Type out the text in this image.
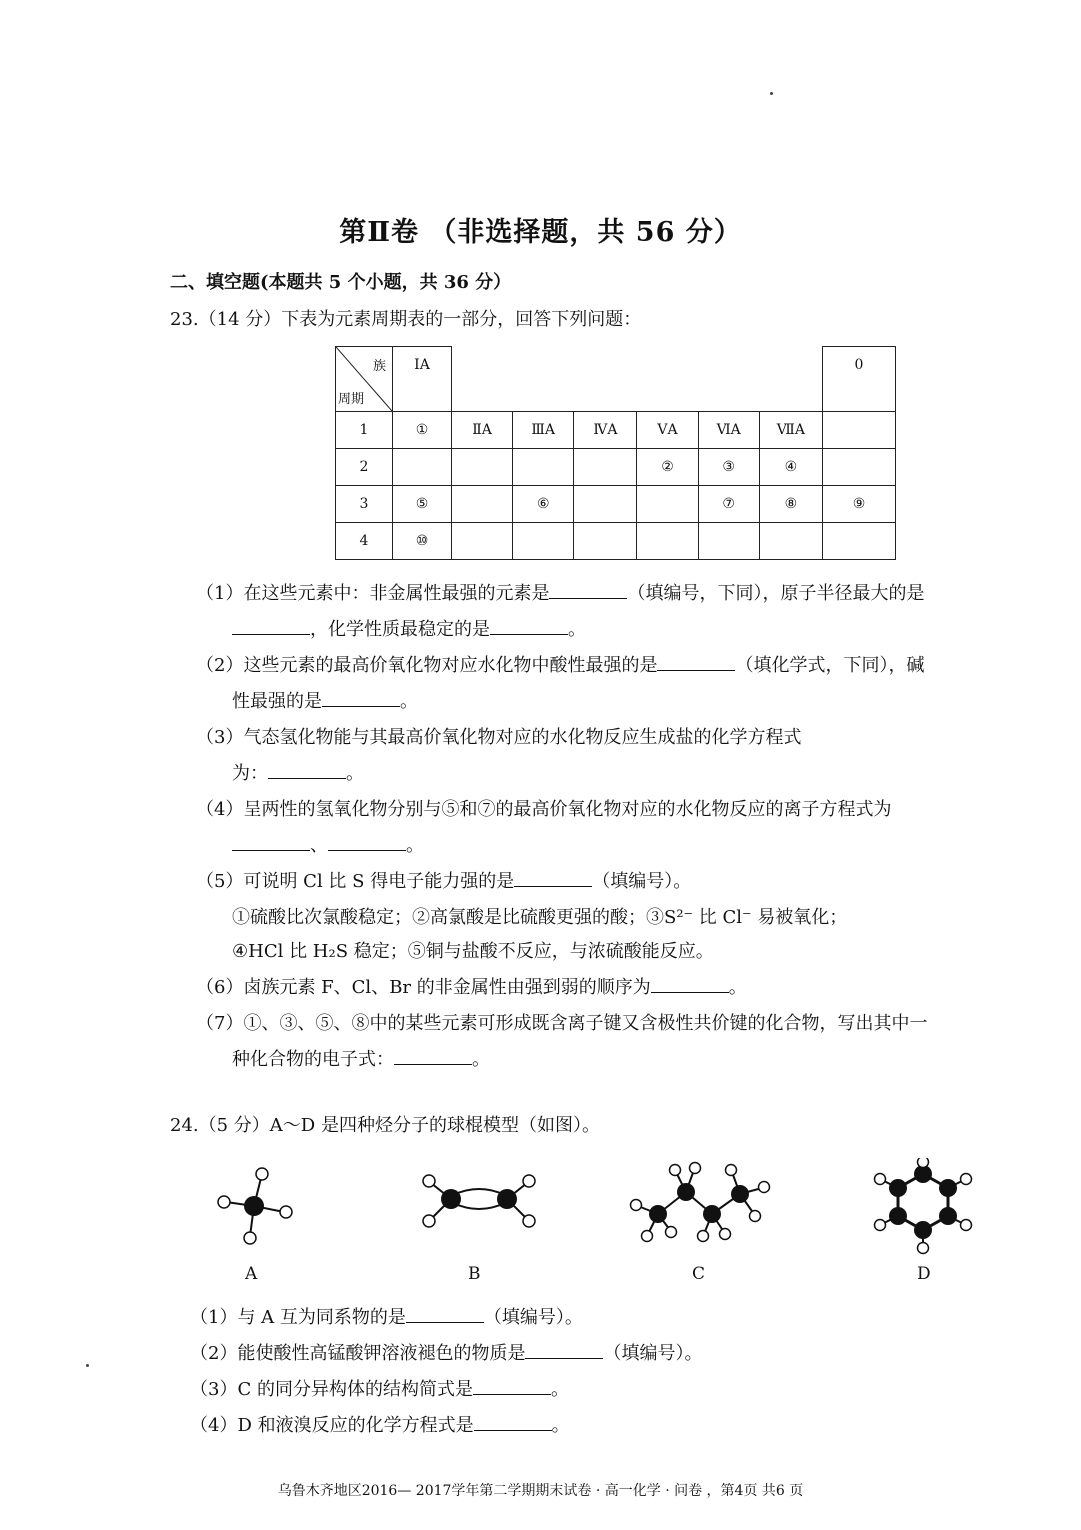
第Ⅱ卷 （非选择题，共 56 分）
二、填空题(本题共 5 个小题，共 36 分）
23.（14 分）下表为元素周期表的一部分，回答下列问题：
族
周期	ⅠA							0
1	①	ⅡA	ⅢA	ⅣA	ⅤA	ⅥA	ⅦA	
2					②	③	④	
3	⑤		⑥			⑦	⑧	⑨
4	⑩							
（1）在这些元素中：非金属性最强的元素是	（填编号，下同），原子半径最大的是
，化学性质最稳定的是	。
（2）这些元素的最高价氧化物对应水化物中酸性最强的是	（填化学式，下同），碱
性最强的是	。
（3）气态氢化物能与其最高价氧化物对应的水化物反应生成盐的化学方程式
为：	。
（4）呈两性的氢氧化物分别与⑤和⑦的最高价氧化物对应的水化物反应的离子方程式为
、	。
（5）可说明 Cl 比 S 得电子能力强的是	（填编号）。
①硫酸比次氯酸稳定；②高氯酸是比硫酸更强的酸；③S²⁻ 比 Cl⁻ 易被氧化；
④HCl 比 H₂S 稳定；⑤铜与盐酸不反应，与浓硫酸能反应。
（6）卤族元素 F、Cl、Br 的非金属性由强到弱的顺序为	。
（7）①、③、⑤、⑧中的某些元素可形成既含离子键又含极性共价键的化合物，写出其中一
种化合物的电子式：	。
24.（5 分）A～D 是四种烃分子的球棍模型（如图）。
A	B	C	D
（1）与 A 互为同系物的是	（填编号）。
（2）能使酸性高锰酸钾溶液褪色的物质是	（填编号）。
（3）C 的同分异构体的结构简式是	。
（4）D 和液溴反应的化学方程式是	。
乌鲁木齐地区2016— 2017学年第二学期期末试卷 · 高一化学 · 问卷 ，第4页 共6 页
